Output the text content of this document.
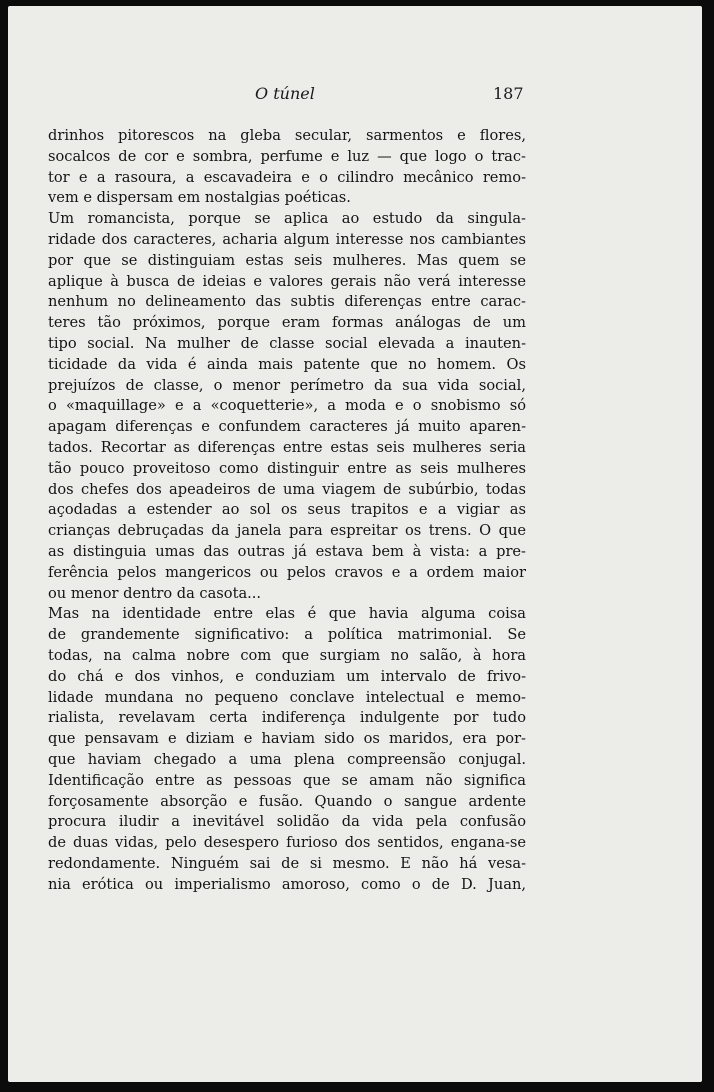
O túnel	187
drinhos pitorescos na gleba secular, sarmentos e flores,
socalcos de cor e sombra, perfume e luz — que logo o trac-
tor e a rasoura, a escavadeira e o cilindro mecânico remo-
vem e dispersam em nostalgias poéticas.
Um romancista, porque se aplica ao estudo da singula-
ridade dos caracteres, acharia algum interesse nos cambiantes
por que se distinguiam estas seis mulheres. Mas quem se
aplique à busca de ideias e valores gerais não verá interesse
nenhum no delineamento das subtis diferenças entre carac-
teres tão próximos, porque eram formas análogas de um
tipo social. Na mulher de classe social elevada a inauten-
ticidade da vida é ainda mais patente que no homem. Os
prejuízos de classe, o menor perímetro da sua vida social,
o «maquillage» e a «coquetterie», a moda e o snobismo só
apagam diferenças e confundem caracteres já muito aparen-
tados. Recortar as diferenças entre estas seis mulheres seria
tão pouco proveitoso como distinguir entre as seis mulheres
dos chefes dos apeadeiros de uma viagem de subúrbio, todas
açodadas a estender ao sol os seus trapitos e a vigiar as
crianças debruçadas da janela para espreitar os trens. O que
as distinguia umas das outras já estava bem à vista: a pre-
ferência pelos mangericos ou pelos cravos e a ordem maior
ou menor dentro da casota...
Mas na identidade entre elas é que havia alguma coisa
de grandemente significativo: a política matrimonial. Se
todas, na calma nobre com que surgiam no salão, à hora
do chá e dos vinhos, e conduziam um intervalo de frivo-
lidade mundana no pequeno conclave intelectual e memo-
rialista, revelavam certa indiferença indulgente por tudo
que pensavam e diziam e haviam sido os maridos, era por-
que haviam chegado a uma plena compreensão conjugal.
Identificação entre as pessoas que se amam não significa
forçosamente absorção e fusão. Quando o sangue ardente
procura iludir a inevitável solidão da vida pela confusão
de duas vidas, pelo desespero furioso dos sentidos, engana-se
redondamente. Ninguém sai de si mesmo. E não há vesa-
nia erótica ou imperialismo amoroso, como o de D. Juan,
